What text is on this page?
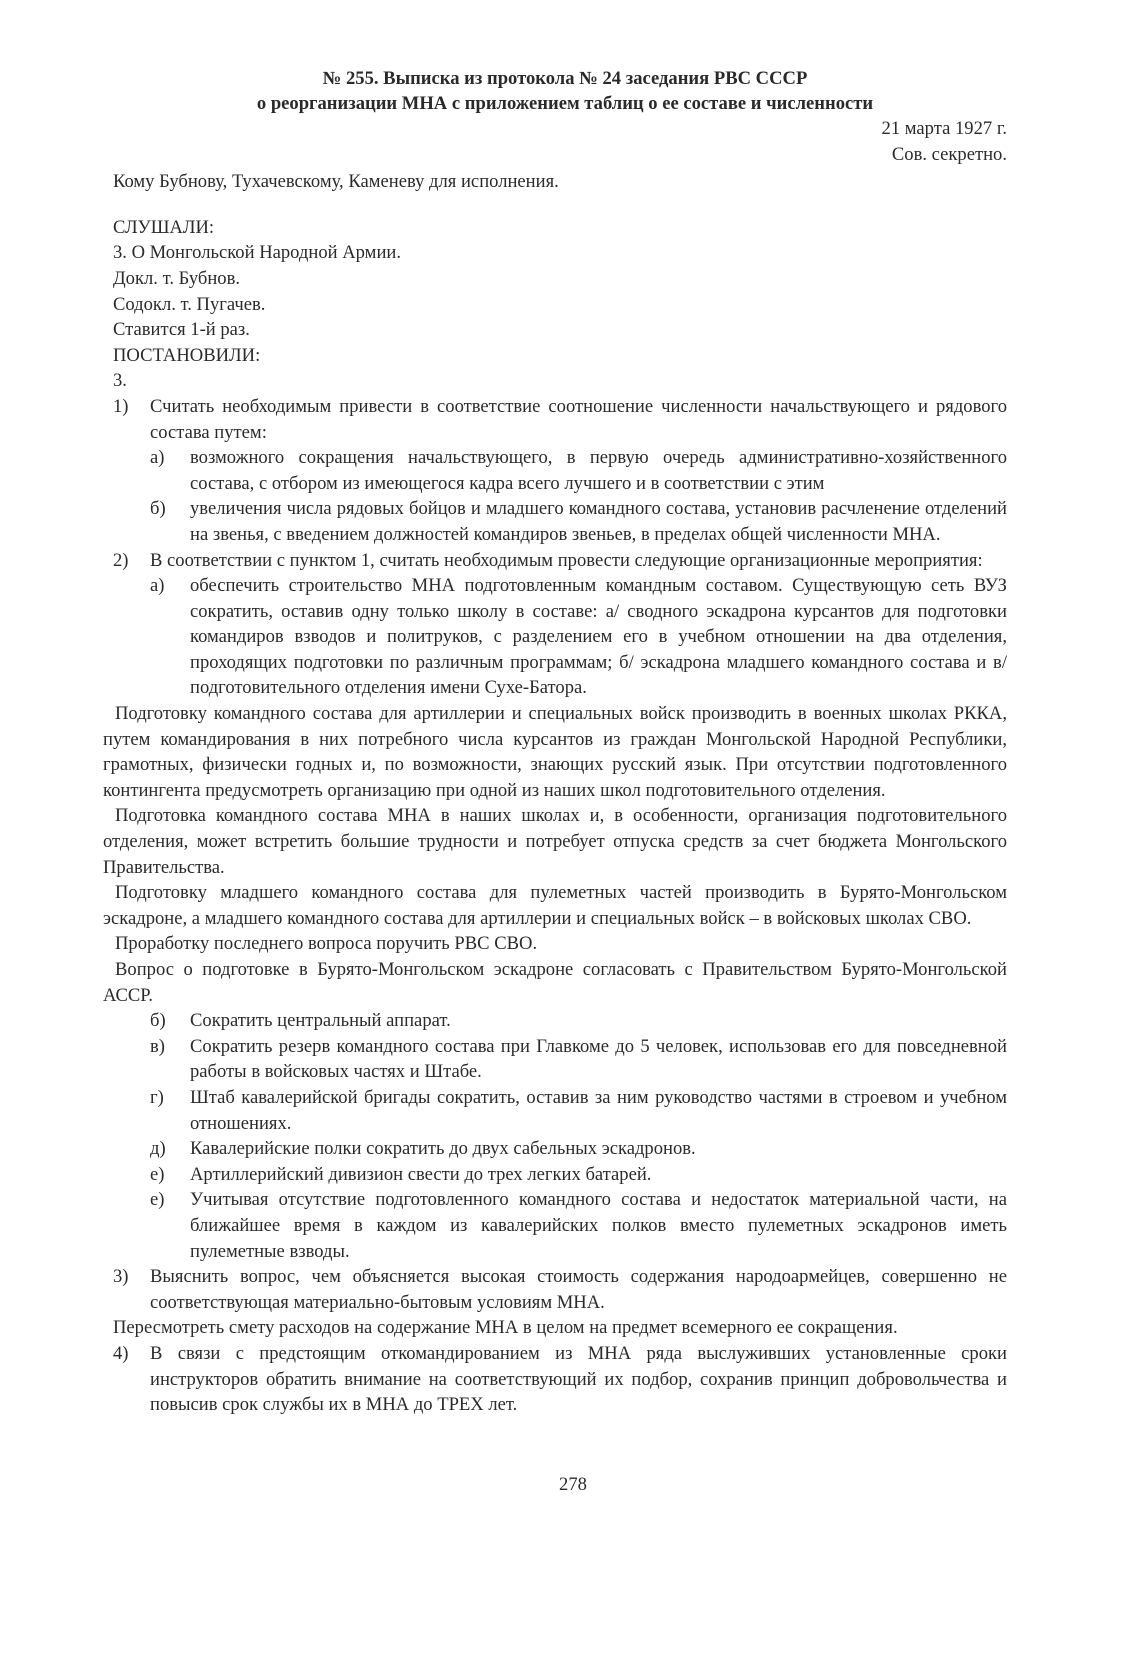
№ 255. Выписка из протокола № 24 заседания РВС СССР
о реорганизации МНА с приложением таблиц о ее составе и численности
21 марта 1927 г.
Сов. секретно.
Кому Бубнову, Тухачевскому, Каменеву для исполнения.
СЛУШАЛИ:
3. О Монгольской Народной Армии.
Докл. т. Бубнов.
Содокл. т. Пугачев.
Ставится 1-й раз.
ПОСТАНОВИЛИ:
3.
1)	Считать необходимым привести в соответствие соотношение численности начальствующего и рядового состава путем:
а)	возможного сокращения начальствующего, в первую очередь административно-хозяйственного состава, с отбором из имеющегося кадра всего лучшего и в соответствии с этим
б)	увеличения числа рядовых бойцов и младшего командного состава, установив расчленение отделений на звенья, с введением должностей командиров звеньев, в пределах общей численности МНА.
2)	В соответствии с пунктом 1, считать необходимым провести следующие организационные мероприятия:
а)	обеспечить строительство МНА подготовленным командным составом. Существующую сеть ВУЗ сократить, оставив одну только школу в составе: а/ сводного эскадрона курсантов для подготовки командиров взводов и политруков, с разделением его в учебном отношении на два отделения, проходящих подготовки по различным программам; б/ эскадрона младшего командного состава и в/ подготовительного отделения имени Сухе-Батора.
Подготовку командного состава для артиллерии и специальных войск производить в военных школах РККА, путем командирования в них потребного числа курсантов из граждан Монгольской Народной Республики, грамотных, физически годных и, по возможности, знающих русский язык. При отсутствии подготовленного контингента предусмотреть организацию при одной из наших школ подготовительного отделения.
Подготовка командного состава МНА в наших школах и, в особенности, организация подготовительного отделения, может встретить большие трудности и потребует отпуска средств за счет бюджета Монгольского Правительства.
Подготовку младшего командного состава для пулеметных частей производить в Бурято-Монгольском эскадроне, а младшего командного состава для артиллерии и специальных войск – в войсковых школах СВО.
Проработку последнего вопроса поручить РВС СВО.
Вопрос о подготовке в Бурято-Монгольском эскадроне согласовать с Правительством Бурято-Монгольской АССР.
б)	Сократить центральный аппарат.
в)	Сократить резерв командного состава при Главкоме до 5 человек, использовав его для повседневной работы в войсковых частях и Штабе.
г)	Штаб кавалерийской бригады сократить, оставив за ним руководство частями в строевом и учебном отношениях.
д)	Кавалерийские полки сократить до двух сабельных эскадронов.
е)	Артиллерийский дивизион свести до трех легких батарей.
е)	Учитывая отсутствие подготовленного командного состава и недостаток материальной части, на ближайшее время в каждом из кавалерийских полков вместо пулеметных эскадронов иметь пулеметные взводы.
3)	Выяснить вопрос, чем объясняется высокая стоимость содержания народоармейцев, совершенно не соответствующая материально-бытовым условиям МНА.
Пересмотреть смету расходов на содержание МНА в целом на предмет всемерного ее сокращения.
4)	В связи с предстоящим откомандированием из МНА ряда выслуживших установленные сроки инструкторов обратить внимание на соответствующий их подбор, сохранив принцип добровольчества и повысив срок службы их в МНА до ТРЕХ лет.
278
